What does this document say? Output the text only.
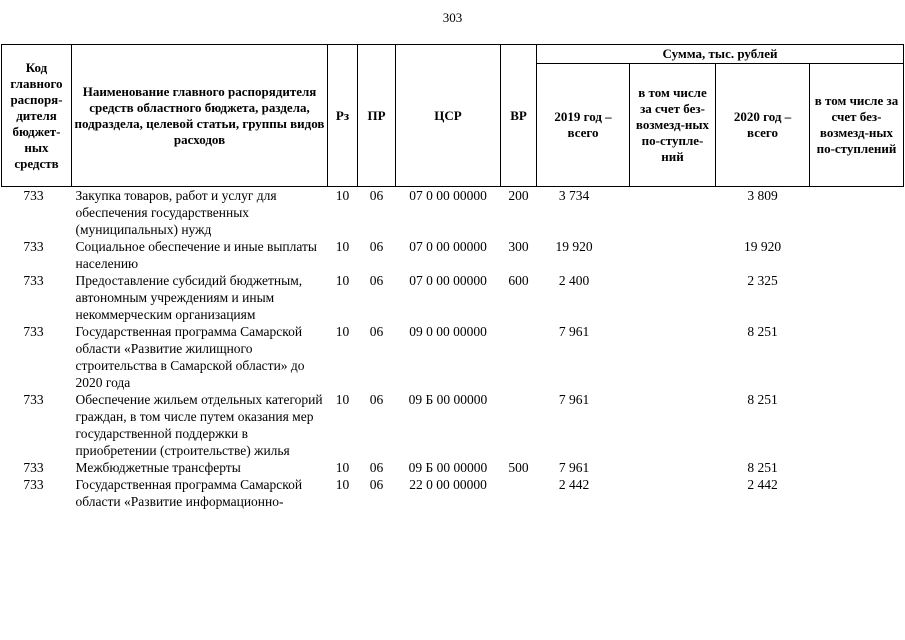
303
Код главного распоря-дителя бюджет-ных средств	Наименование главного распорядителя средств областного бюджета, раздела, подраздела, целевой статьи, группы видов расходов	Рз	ПР	ЦСР	ВР	Сумма, тыс. рублей			
						2019 год – всего	в том числе за счет без-возмезд-ных по-ступле-ний	2020 год – всего	в том числе за счет без-возмезд-ных по-ступлений
733	Закупка товаров, работ и услуг для обеспечения государственных (муниципальных) нужд	10	06	07 0 00 00000	200	3 734		3 809	
733	Социальное обеспечение и иные выплаты населению	10	06	07 0 00 00000	300	19 920		19 920	
733	Предоставление субсидий бюджетным, автономным учреждениям и иным некоммерческим организациям	10	06	07 0 00 00000	600	2 400		2 325	
733	Государственная программа Самарской области «Развитие жилищного строительства в Самарской области» до 2020 года	10	06	09 0 00 00000		7 961		8 251	
733	Обеспечение жильем отдельных категорий граждан, в том числе путем оказания мер государственной поддержки в приобретении (строительстве) жилья	10	06	09 Б 00 00000		7 961		8 251	
733	Межбюджетные трансферты	10	06	09 Б 00 00000	500	7 961		8 251	
733	Государственная программа Самарской области «Развитие информационно-	10	06	22 0 00 00000		2 442		2 442	
